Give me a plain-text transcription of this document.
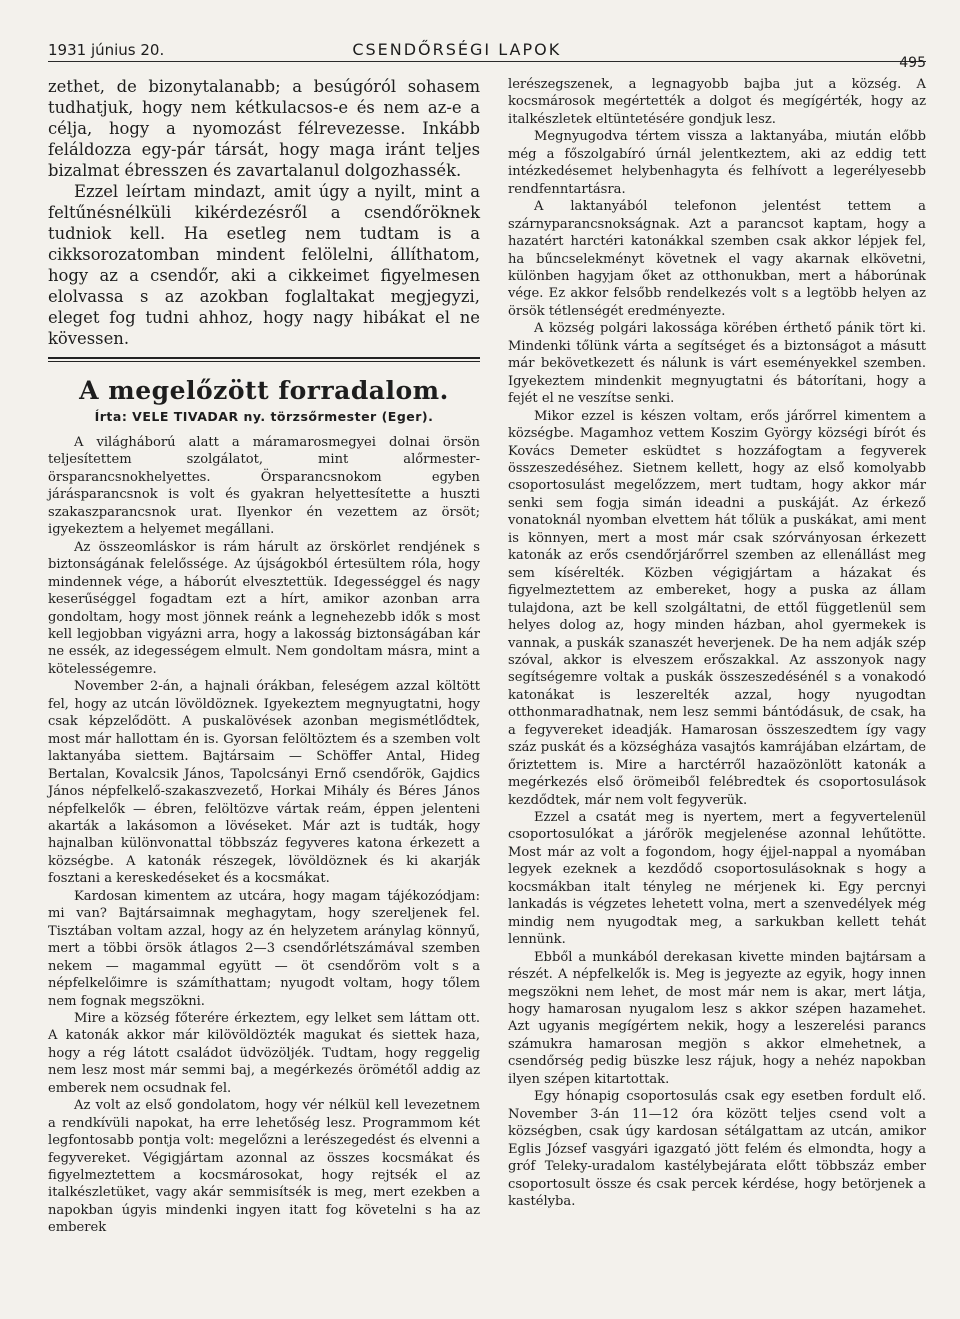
1931 június 20.	CSENDŐRSÉGI LAPOK
495

zethet, de bizonytalanabb; a besúgóról sohasem tudhatjuk, hogy nem kétkulacsos-e és nem az-e a célja, hogy a nyomozást félrevezesse. Inkább feláldozza egy-pár társát, hogy maga iránt teljes bizalmat ébresszen és zavartalanul dolgozhassék.

Ezzel leírtam mindazt, amit úgy a nyilt, mint a feltűnésnélküli kikérdezésről a csendőröknek tudniok kell. Ha esetleg nem tudtam is a cikksorozatomban mindent felölelni, állíthatom, hogy az a csendőr, aki a cikkeimet figyelmesen elolvassa s az azokban foglaltakat megjegyzi, eleget fog tudni ahhoz, hogy nagy hibákat el ne kövessen.

A megelőzött forradalom.
Írta: VELE TIVADAR ny. törzsőrmester (Eger).

A világháború alatt a máramarosmegyei dolnai örsön teljesítettem szolgálatot, mint alőrmester-örsparancsnokhelyettes. Örsparancsnokom egyben járásparancsnok is volt és gyakran helyettesítette a huszti szakaszparancsnok urat. Ilyenkor én vezettem az örsöt; igyekeztem a helyemet megállani.

Az összeomláskor is rám hárult az örskörlet rendjének s biztonságának felelőssége. Az újságokból értesültem róla, hogy mindennek vége, a háborút elvesztettük. Idegességgel és nagy keserűséggel fogadtam ezt a hírt, amikor azonban arra gondoltam, hogy most jönnek reánk a legnehezebb idők s most kell legjobban vigyázni arra, hogy a lakosság biztonságában kár ne essék, az idegességem elmult. Nem gondoltam másra, mint a kötelességemre.

November 2-án, a hajnali órákban, feleségem azzal költött fel, hogy az utcán lövöldöznek. Igyekeztem megnyugtatni, hogy csak képzelődött. A puskalövések azonban megismétlődtek, most már hallottam én is. Gyorsan felöltöztem és a szemben volt laktanyába siettem. Bajtársaim — Schöffer Antal, Hideg Bertalan, Kovalcsik János, Tapolcsányi Ernő csendőrök, Gajdics János népfelkelő-szakaszvezető, Horkai Mihály és Béres János népfelkelők — ébren, felöltözve vártak reám, éppen jelenteni akarták a lakásomon a lövéseket. Már azt is tudták, hogy hajnalban különvonattal többszáz fegyveres katona érkezett a községbe. A katonák részegek, lövöldöznek és ki akarják fosztani a kereskedéseket és a kocsmákat.

Kardosan kimentem az utcára, hogy magam tájékozódjam: mi van? Bajtársaimnak meghagytam, hogy szereljenek fel. Tisztában voltam azzal, hogy az én helyzetem aránylag könnyű, mert a többi örsök átlagos 2—3 csendőrlétszámával szemben nekem — magammal együtt — öt csendőröm volt s a népfelkelőimre is számíthattam; nyugodt voltam, hogy tőlem nem fognak megszökni.

Mire a község főterére érkeztem, egy lelket sem láttam ott. A katonák akkor már kilövöldözték magukat és siettek haza, hogy a rég látott családot üdvözöljék. Tudtam, hogy reggelig nem lesz most már semmi baj, a megérkezés örömétől addig az emberek nem ocsudnak fel.

Az volt az első gondolatom, hogy vér nélkül kell levezetnem a rendkívüli napokat, ha erre lehetőség lesz. Programmom két legfontosabb pontja volt: megelőzni a lerészegedést és elvenni a fegyvereket. Végigjártam azonnal az összes kocsmákat és figyelmeztettem a kocsmárosokat, hogy rejtsék el az italkészletüket, vagy akár semmisítsék is meg, mert ezekben a napokban úgyis mindenki ingyen itatt fog követelni s ha az emberek

lerészegszenek, a legnagyobb bajba jut a község. A kocsmárosok megértették a dolgot és megígérték, hogy az italkészletek eltüntetésére gondjuk lesz.

Megnyugodva tértem vissza a laktanyába, miután előbb még a főszolgabíró úrnál jelentkeztem, aki az eddig tett intézkedésemet helybenhagyta és felhívott a legerélyesebb rendfenntartásra.

A laktanyából telefonon jelentést tettem a szárnyparancsnokságnak. Azt a parancsot kaptam, hogy a hazatért harctéri katonákkal szemben csak akkor lépjek fel, ha bűncselekményt követnek el vagy akarnak elkövetni, különben hagyjam őket az otthonukban, mert a háborúnak vége. Ez akkor felsőbb rendelkezés volt s a legtöbb helyen az örsök tétlenségét eredményezte.

A község polgári lakossága körében érthető pánik tört ki. Mindenki tőlünk várta a segítséget és a biztonságot a másutt már bekövetkezett és nálunk is várt eseményekkel szemben. Igyekeztem mindenkit megnyugtatni és bátorítani, hogy a fejét el ne veszítse senki.

Mikor ezzel is készen voltam, erős járőrrel kimentem a községbe. Magamhoz vettem Koszim György községi bírót és Kovács Demeter esküdtet s hozzáfogtam a fegyverek összeszedéséhez. Sietnem kellett, hogy az első komolyabb csoportosulást megelőzzem, mert tudtam, hogy akkor már senki sem fogja simán ideadni a puskáját. Az érkező vonatoknál nyomban elvettem hát tőlük a puskákat, ami ment is könnyen, mert a most már csak szórványosan érkezett katonák az erős csendőrjárőrrel szemben az ellenállást meg sem kísérelték. Közben végigjártam a házakat és figyelmeztettem az embereket, hogy a puska az állam tulajdona, azt be kell szolgáltatni, de ettől függetlenül sem helyes dolog az, hogy minden házban, ahol gyermekek is vannak, a puskák szanaszét heverjenek. De ha nem adják szép szóval, akkor is elveszem erőszakkal. Az asszonyok nagy segítségemre voltak a puskák összeszedésénél s a vonakodó katonákat is leszerelték azzal, hogy nyugodtan otthonmaradhatnak, nem lesz semmi bántódásuk, de csak, ha a fegyvereket ideadják. Hamarosan összeszedtem így vagy száz puskát és a községháza vasajtós kamrájában elzártam, de őriztettem is. Mire a harctérről hazaözönlött katonák a megérkezés első örömeiből felébredtek és csoportosulások kezdődtek, már nem volt fegyverük.

Ezzel a csatát meg is nyertem, mert a fegyvertelenül csoportosulókat a járőrök megjelenése azonnal lehűtötte. Most már az volt a fogondom, hogy éjjel-nappal a nyomában legyek ezeknek a kezdődő csoportosulásoknak s hogy a kocsmákban italt tényleg ne mérjenek ki. Egy percnyi lankadás is végzetes lehetett volna, mert a szenvedélyek még mindig nem nyugodtak meg, a sarkukban kellett tehát lennünk.

Ebből a munkából derekasan kivette minden bajtársam a részét. A népfelkelők is. Meg is jegyezte az egyik, hogy innen megszökni nem lehet, de most már nem is akar, mert látja, hogy hamarosan nyugalom lesz s akkor szépen hazamehet. Azt ugyanis megígértem nekik, hogy a leszerelési parancs számukra hamarosan megjön s akkor elmehetnek, a csendőrség pedig büszke lesz rájuk, hogy a nehéz napokban ilyen szépen kitartottak.

Egy hónapig csoportosulás csak egy esetben fordult elő. November 3-án 11—12 óra között teljes csend volt a községben, csak úgy kardosan sétálgattam az utcán, amikor Eglis József vasgyári igazgató jött felém és elmondta, hogy a gróf Teleky-uradalom kastélybejárata előtt többszáz ember csoportosult össze és csak percek kérdése, hogy betörjenek a kastélyba.
